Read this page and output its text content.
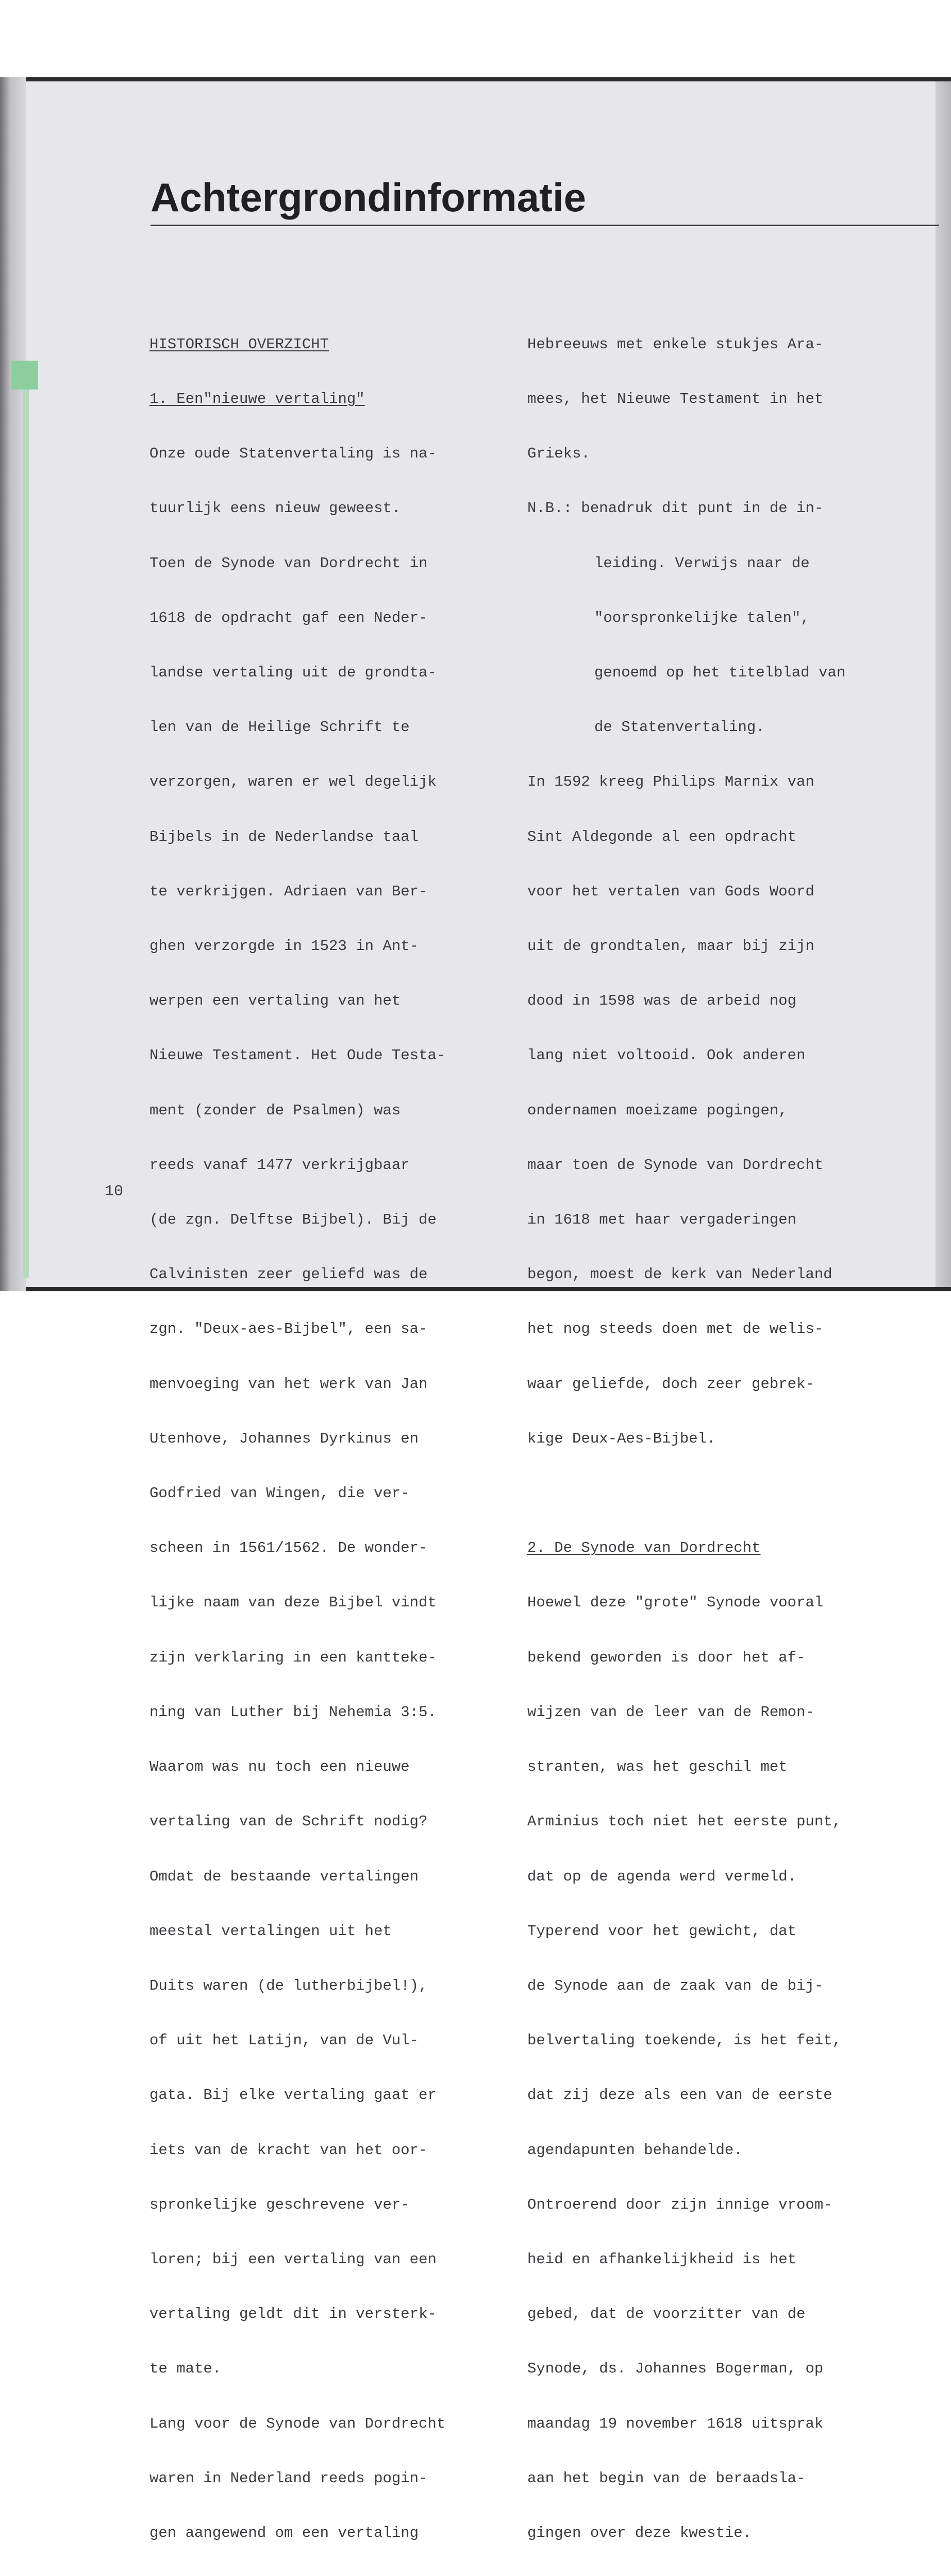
Achtergrondinformatie

HISTORISCH OVERZICHT

1. Een"nieuwe vertaling"

Onze oude Statenvertaling is na-

tuurlijk eens nieuw geweest.

Toen de Synode van Dordrecht in

1618 de opdracht gaf een Neder-

landse vertaling uit de grondta-

len van de Heilige Schrift te

verzorgen, waren er wel degelijk

Bijbels in de Nederlandse taal

te verkrijgen. Adriaen van Ber-

ghen verzorgde in 1523 in Ant-

werpen een vertaling van het

Nieuwe Testament. Het Oude Testa-

ment (zonder de Psalmen) was

reeds vanaf 1477 verkrijgbaar

(de zgn. Delftse Bijbel). Bij de

Calvinisten zeer geliefd was de

zgn. "Deux-aes-Bijbel", een sa-

menvoeging van het werk van Jan

Utenhove, Johannes Dyrkinus en

Godfried van Wingen, die ver-

scheen in 1561/1562. De wonder-

lijke naam van deze Bijbel vindt

zijn verklaring in een kantteke-

ning van Luther bij Nehemia 3:5.

Waarom was nu toch een nieuwe

vertaling van de Schrift nodig?

Omdat de bestaande vertalingen

meestal vertalingen uit het

Duits waren (de lutherbijbel!),

of uit het Latijn, van de Vul-

gata. Bij elke vertaling gaat er

iets van de kracht van het oor-

spronkelijke geschrevene ver-

loren; bij een vertaling van een

vertaling geldt dit in versterk-

te mate.

Lang voor de Synode van Dordrecht

waren in Nederland reeds pogin-

gen aangewend om een vertaling

Hebreeuws met enkele stukjes Ara-

mees, het Nieuwe Testament in het

Grieks.

N.B.: benadruk dit punt in de in-

leiding. Verwijs naar de

"oorspronkelijke talen",

genoemd op het titelblad van

de Statenvertaling.

In 1592 kreeg Philips Marnix van

Sint Aldegonde al een opdracht

voor het vertalen van Gods Woord

uit de grondtalen, maar bij zijn

dood in 1598 was de arbeid nog

lang niet voltooid. Ook anderen

ondernamen moeizame pogingen,

maar toen de Synode van Dordrecht

in 1618 met haar vergaderingen

begon, moest de kerk van Nederland

het nog steeds doen met de welis-

waar geliefde, doch zeer gebrek-

kige Deux-Aes-Bijbel.

2. De Synode van Dordrecht

Hoewel deze "grote" Synode vooral

bekend geworden is door het af-

wijzen van de leer van de Remon-

stranten, was het geschil met

Arminius toch niet het eerste punt,

dat op de agenda werd vermeld.

Typerend voor het gewicht, dat

de Synode aan de zaak van de bij-

belvertaling toekende, is het feit,

dat zij deze als een van de eerste

agendapunten behandelde.

Ontroerend door zijn innige vroom-

heid en afhankelijkheid is het

gebed, dat de voorzitter van de

Synode, ds. Johannes Bogerman, op

maandag 19 november 1618 uitsprak

aan het begin van de beraadsla-

gingen over deze kwestie.

10
